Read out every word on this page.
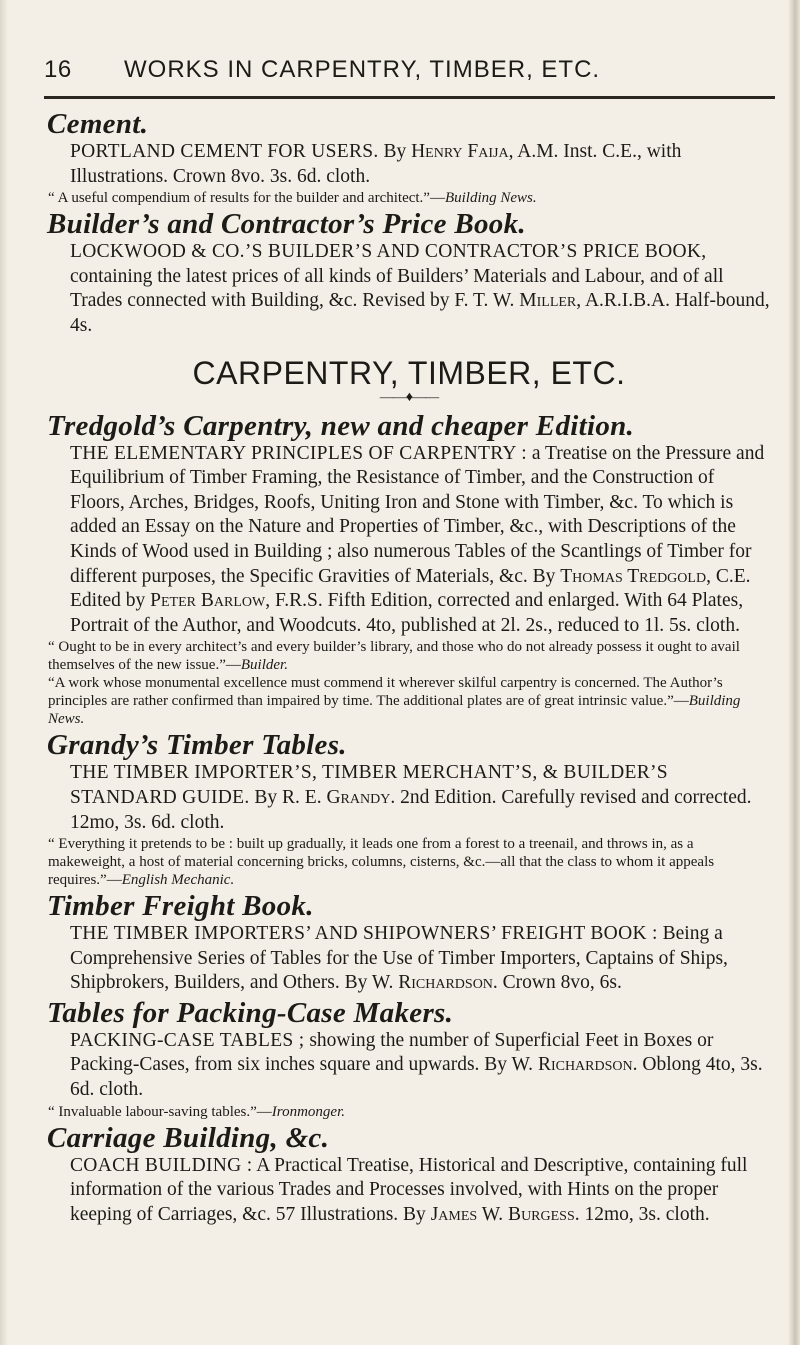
16 WORKS IN CARPENTRY, TIMBER, ETC.
Cement.
PORTLAND CEMENT FOR USERS. By Henry Faija, A.M. Inst. C.E., with Illustrations. Crown 8vo. 3s. 6d. cloth.
“ A useful compendium of results for the builder and architect.”—Building News.
Builder’s and Contractor’s Price Book.
LOCKWOOD & CO.’S BUILDER’S AND CONTRACTOR’S PRICE BOOK, containing the latest prices of all kinds of Builders’ Materials and Labour, and of all Trades connected with Building, &c. Revised by F. T. W. Miller, A.R.I.B.A. Half-bound, 4s.
CARPENTRY, TIMBER, ETC.
——♦——
Tredgold’s Carpentry, new and cheaper Edition.
THE ELEMENTARY PRINCIPLES OF CARPENTRY : a Treatise on the Pressure and Equilibrium of Timber Framing, the Resistance of Timber, and the Construction of Floors, Arches, Bridges, Roofs, Uniting Iron and Stone with Timber, &c. To which is added an Essay on the Nature and Properties of Timber, &c., with Descriptions of the Kinds of Wood used in Building ; also numerous Tables of the Scantlings of Timber for different purposes, the Specific Gravities of Materials, &c. By Thomas Tredgold, C.E. Edited by Peter Barlow, F.R.S. Fifth Edition, corrected and enlarged. With 64 Plates, Portrait of the Author, and Woodcuts. 4to, published at 2l. 2s., reduced to 1l. 5s. cloth.
“ Ought to be in every architect’s and every builder’s library, and those who do not already possess it ought to avail themselves of the new issue.”—Builder.
“A work whose monumental excellence must commend it wherever skilful carpentry is concerned. The Author’s principles are rather confirmed than impaired by time. The additional plates are of great intrinsic value.”—Building News.
Grandy’s Timber Tables.
THE TIMBER IMPORTER’S, TIMBER MERCHANT’S, & BUILDER’S STANDARD GUIDE. By R. E. Grandy. 2nd Edition. Carefully revised and corrected. 12mo, 3s. 6d. cloth.
“ Everything it pretends to be : built up gradually, it leads one from a forest to a treenail, and throws in, as a makeweight, a host of material concerning bricks, columns, cisterns, &c.—all that the class to whom it appeals requires.”—English Mechanic.
Timber Freight Book.
THE TIMBER IMPORTERS’ AND SHIPOWNERS’ FREIGHT BOOK : Being a Comprehensive Series of Tables for the Use of Timber Importers, Captains of Ships, Shipbrokers, Builders, and Others. By W. Richardson. Crown 8vo, 6s.
Tables for Packing-Case Makers.
PACKING-CASE TABLES ; showing the number of Superficial Feet in Boxes or Packing-Cases, from six inches square and upwards. By W. Richardson. Oblong 4to, 3s. 6d. cloth.
“ Invaluable labour-saving tables.”—Ironmonger.
Carriage Building, &c.
COACH BUILDING : A Practical Treatise, Historical and Descriptive, containing full information of the various Trades and Processes involved, with Hints on the proper keeping of Carriages, &c. 57 Illustrations. By James W. Burgess. 12mo, 3s. cloth.
